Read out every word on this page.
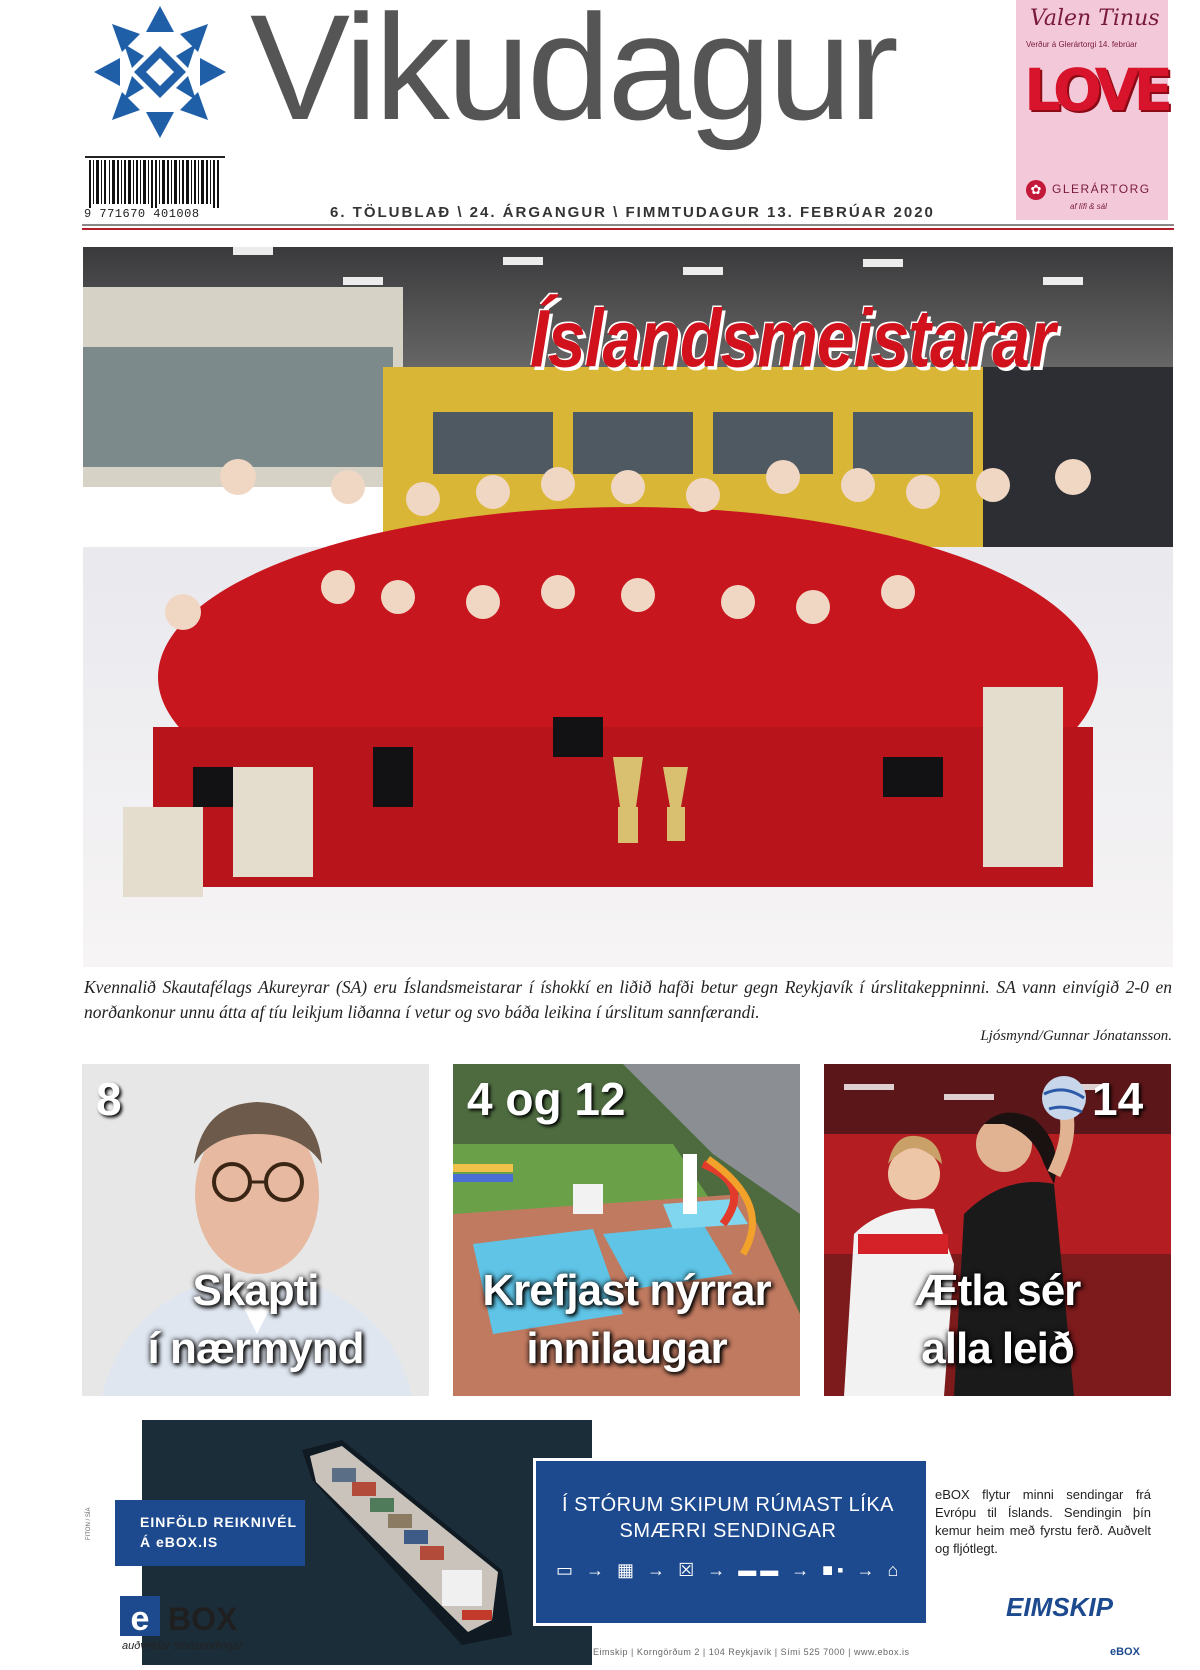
Vikudagur
9 771670 401008	6. TÖLUBLAÐ \ 24. ÁRGANGUR \ FIMMTUDAGUR 13. FEBRÚAR 2020
Valen Tinus
Verður á Glerártorgi 14. febrúar
LOVE
✿ GLERÁRTORG
af lífi & sál
Íslandsmeistarar
Kvennalið Skautafélags Akureyrar (SA) eru Íslandsmeistarar í íshokkí en liðið hafði betur gegn Reykjavík í úrslitakeppninni. SA vann einvígið 2-0 en norðankonur unnu átta af tíu leikjum liðanna í vetur og svo báða leikina í úrslitum sannfærandi.
Ljósmynd/Gunnar Jónatansson.
8
Skapti
í nærmynd
4 og 12
Krefjast nýrrar
innilaugar
14
Ætla sér
alla leið
EINFÖLD REIKNIVÉL
Á eBOX.IS
Í STÓRUM SKIPUM RÚMAST LÍKA
SMÆRRI SENDINGAR
▭ → ▦ → ☒ → ▬▬ → ■▪ → ⌂
eBOX flytur minni sendingar frá Evrópu til Íslands. Sendingin þín kemur heim með fyrstu ferð. Auðvelt og fljótlegt.
e BOX
auðveldar smásendingar
EIMSKIP
eBOX
Eimskip | Korngörðum 2 | 104 Reykjavík | Sími 525 7000 | www.ebox.is
FITON / SÍA
